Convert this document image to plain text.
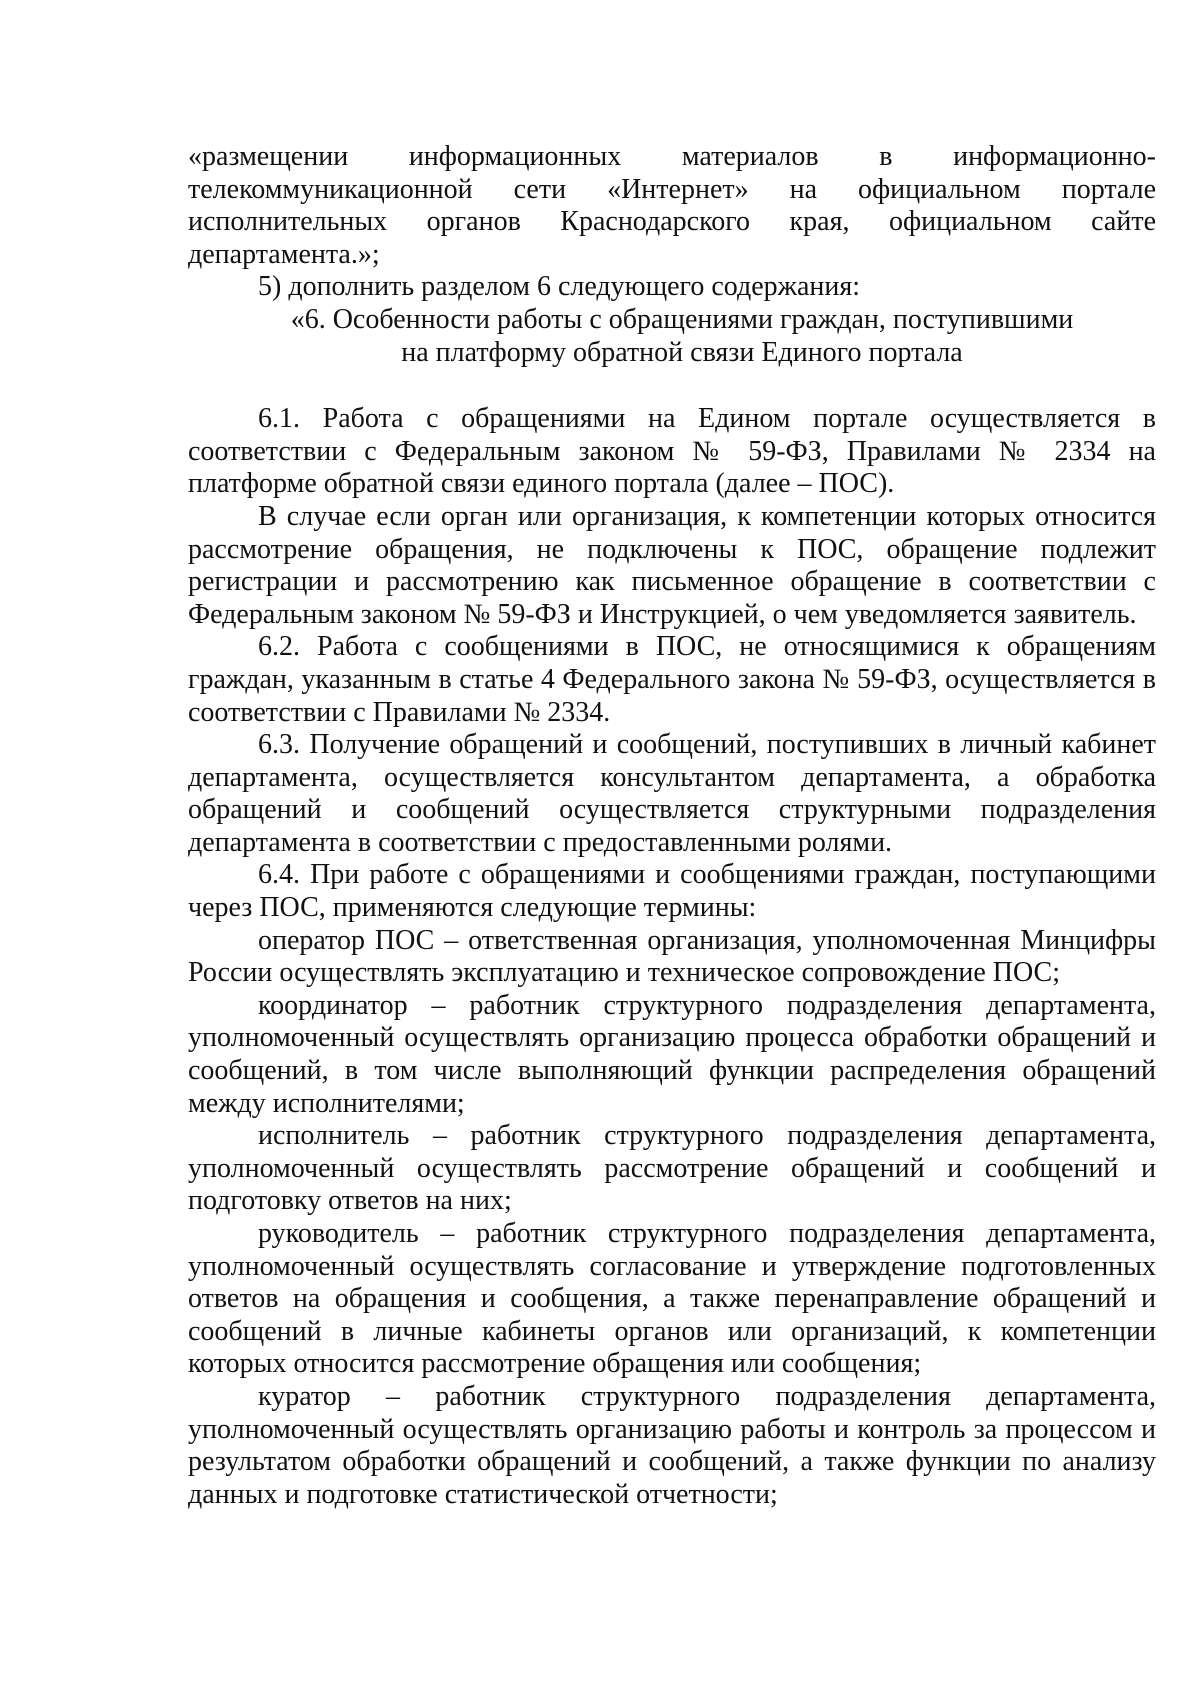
«размещении информационных материалов в информационно-телекоммуникационной сети «Интернет» на официальном портале исполнительных органов Краснодарского края, официальном сайте департамента.»;

5) дополнить разделом 6 следующего содержания:

«6. Особенности работы с обращениями граждан, поступившими

на платформу обратной связи Единого портала

6.1. Работа с обращениями на Едином портале осуществляется в соответствии с Федеральным законом № 59-ФЗ, Правилами № 2334 на платформе обратной связи единого портала (далее – ПОС).

В случае если орган или организация, к компетенции которых относится рассмотрение обращения, не подключены к ПОС, обращение подлежит регистрации и рассмотрению как письменное обращение в соответствии с Федеральным законом № 59-ФЗ и Инструкцией, о чем уведомляется заявитель.

6.2. Работа с сообщениями в ПОС, не относящимися к обращениям граждан, указанным в статье 4 Федерального закона № 59-ФЗ, осуществляется в соответствии с Правилами № 2334.

6.3. Получение обращений и сообщений, поступивших в личный кабинет департамента, осуществляется консультантом департамента, а обработка обращений и сообщений осуществляется структурными подразделения департамента в соответствии с предоставленными ролями.

6.4. При работе с обращениями и сообщениями граждан, поступающими через ПОС, применяются следующие термины:

оператор ПОС – ответственная организация, уполномоченная Минцифры России осуществлять эксплуатацию и техническое сопровождение ПОС;

координатор – работник структурного подразделения департамента, уполномоченный осуществлять организацию процесса обработки обращений и сообщений, в том числе выполняющий функции распределения обращений между исполнителями;

исполнитель – работник структурного подразделения департамента, уполномоченный осуществлять рассмотрение обращений и сообщений и подготовку ответов на них;

руководитель – работник структурного подразделения департамента, уполномоченный осуществлять согласование и утверждение подготовленных ответов на обращения и сообщения, а также перенаправление обращений и сообщений в личные кабинеты органов или организаций, к компетенции которых относится рассмотрение обращения или сообщения;

куратор – работник структурного подразделения департамента, уполномоченный осуществлять организацию работы и контроль за процессом и результатом обработки обращений и сообщений, а также функции по анализу данных и подготовке статистической отчетности;
